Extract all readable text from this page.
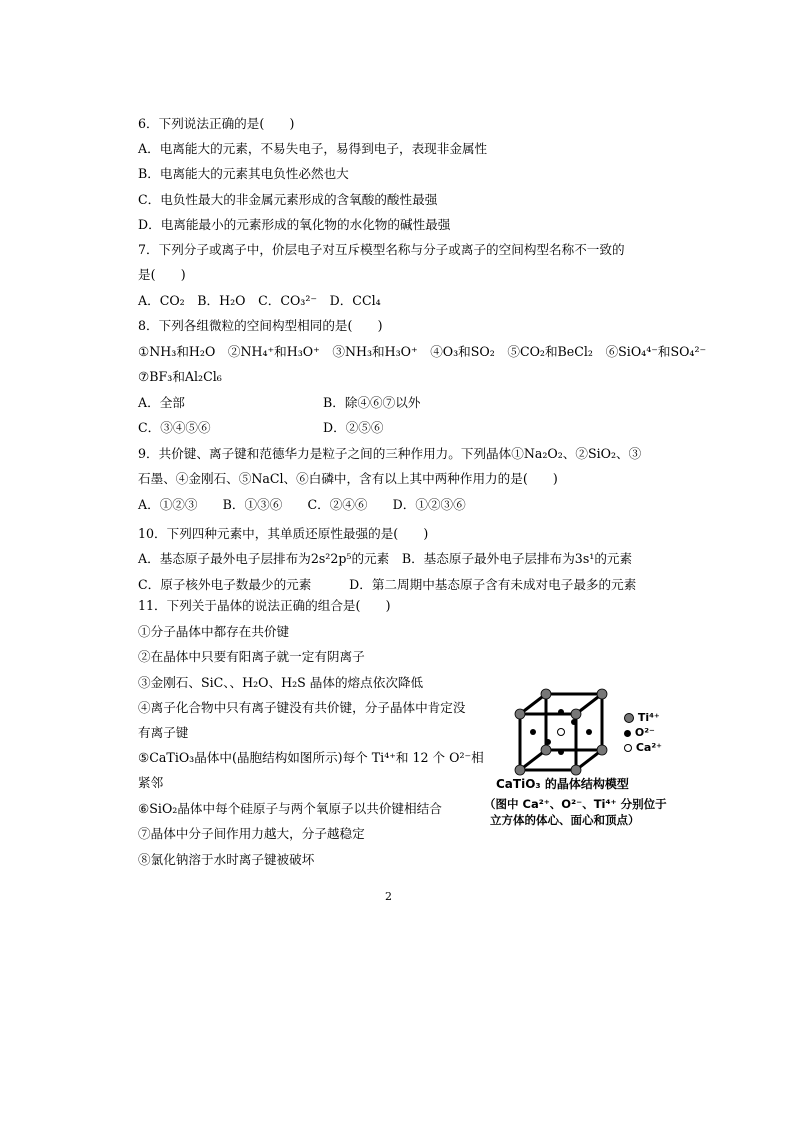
6．下列说法正确的是(　　)
A．电离能大的元素，不易失电子，易得到电子，表现非金属性
B．电离能大的元素其电负性必然也大
C．电负性最大的非金属元素形成的含氧酸的酸性最强
D．电离能最小的元素形成的氧化物的水化物的碱性最强
7．下列分子或离子中，价层电子对互斥模型名称与分子或离子的空间构型名称不一致的
是(　　)
A．CO₂　B．H₂O　C．CO₃²⁻　D．CCl₄
8．下列各组微粒的空间构型相同的是(　　)
①NH₃和H₂O　②NH₄⁺和H₃O⁺　③NH₃和H₃O⁺　④O₃和SO₂　⑤CO₂和BeCl₂　⑥SiO₄⁴⁻和SO₄²⁻
⑦BF₃和Al₂Cl₆
A．全部	B．除④⑥⑦以外
C．③④⑤⑥	D．②⑤⑥
9．共价键、离子键和范德华力是粒子之间的三种作用力。下列晶体①Na₂O₂、②SiO₂、③
石墨、④金刚石、⑤NaCl、⑥白磷中，含有以上其中两种作用力的是(　　)
A．①②③　　B．①③⑥　　C．②④⑥　　D．①②③⑥
10．下列四种元素中，其单质还原性最强的是(　　)
A．基态原子最外电子层排布为2s²2p⁵的元素　B．基态原子最外电子层排布为3s¹的元素
C．原子核外电子数最少的元素　　　D．第二周期中基态原子含有未成对电子最多的元素
11．下列关于晶体的说法正确的组合是(　　)
①分子晶体中都存在共价键
②在晶体中只要有阳离子就一定有阴离子
③金刚石、SiC、、H₂O、H₂S 晶体的熔点依次降低
④离子化合物中只有离子键没有共价键，分子晶体中肯定没
有离子键
⑤CaTiO₃晶体中(晶胞结构如图所示)每个 Ti⁴⁺和 12 个 O²⁻相
紧邻
⑥SiO₂晶体中每个硅原子与两个氧原子以共价键相结合
⑦晶体中分子间作用力越大，分子越稳定
⑧氯化钠溶于水时离子键被破坏
Ti⁴⁺
O²⁻
Ca²⁺
CaTiO₃ 的晶体结构模型
（图中 Ca²⁺、O²⁻、Ti⁴⁺ 分别位于
立方体的体心、面心和顶点）
2
